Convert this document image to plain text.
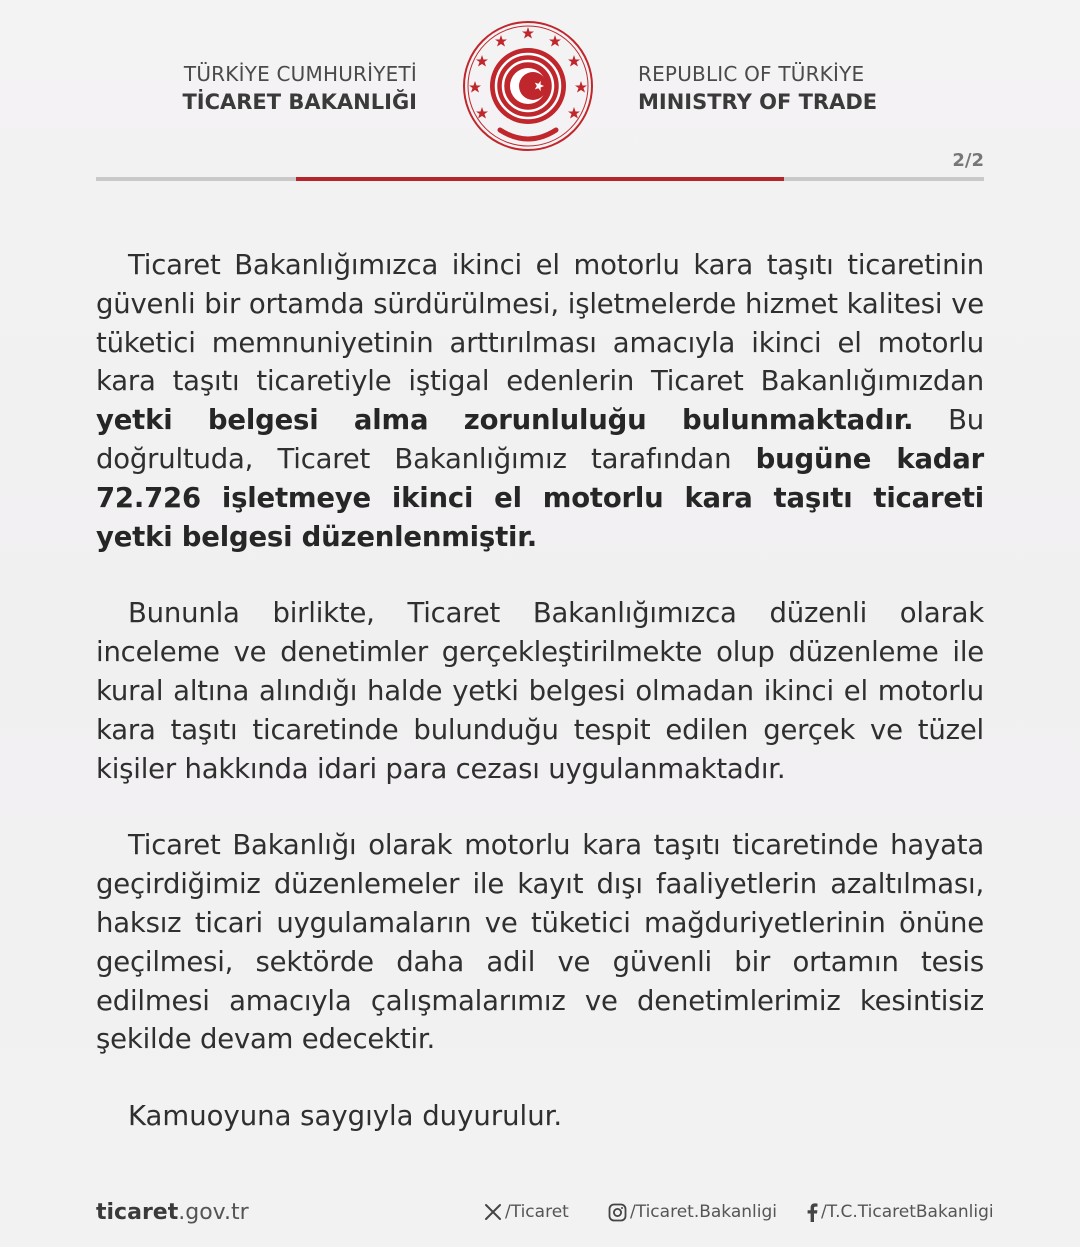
TÜRKİYE CUMHURİYETİ
TİCARET BAKANLIĞI
REPUBLIC OF TÜRKİYE
MINISTRY OF TRADE
2/2

Ticaret Bakanlığımızca ikinci el motorlu kara taşıtı ticaretinin güvenli bir ortamda sürdürülmesi, işletmelerde hizmet kalitesi ve tüketici memnuniyetinin arttırılması amacıyla ikinci el motorlu kara taşıtı ticaretiyle iştigal edenlerin Ticaret Bakanlığımızdan yetki belgesi alma zorunluluğu bulunmaktadır. Bu doğrultuda, Ticaret Bakanlığımız tarafından bugüne kadar 72.726 işletmeye ikinci el motorlu kara taşıtı ticareti yetki belgesi düzenlenmiştir.

Bununla birlikte, Ticaret Bakanlığımızca düzenli olarak inceleme ve denetimler gerçekleştirilmekte olup düzenleme ile kural altına alındığı halde yetki belgesi olmadan ikinci el motorlu kara taşıtı ticaretinde bulunduğu tespit edilen gerçek ve tüzel kişiler hakkında idari para cezası uygulanmaktadır.

Ticaret Bakanlığı olarak motorlu kara taşıtı ticaretinde hayata geçirdiğimiz düzenlemeler ile kayıt dışı faaliyetlerin azaltılması, haksız ticari uygulamaların ve tüketici mağduriyetlerinin önüne geçilmesi, sektörde daha adil ve güvenli bir ortamın tesis edilmesi amacıyla çalışmalarımız ve denetimlerimiz kesintisiz şekilde devam edecektir.

Kamuoyuna saygıyla duyurulur.

ticaret.gov.tr	/Ticaret	/Ticaret.Bakanligi	/T.C.TicaretBakanligi
